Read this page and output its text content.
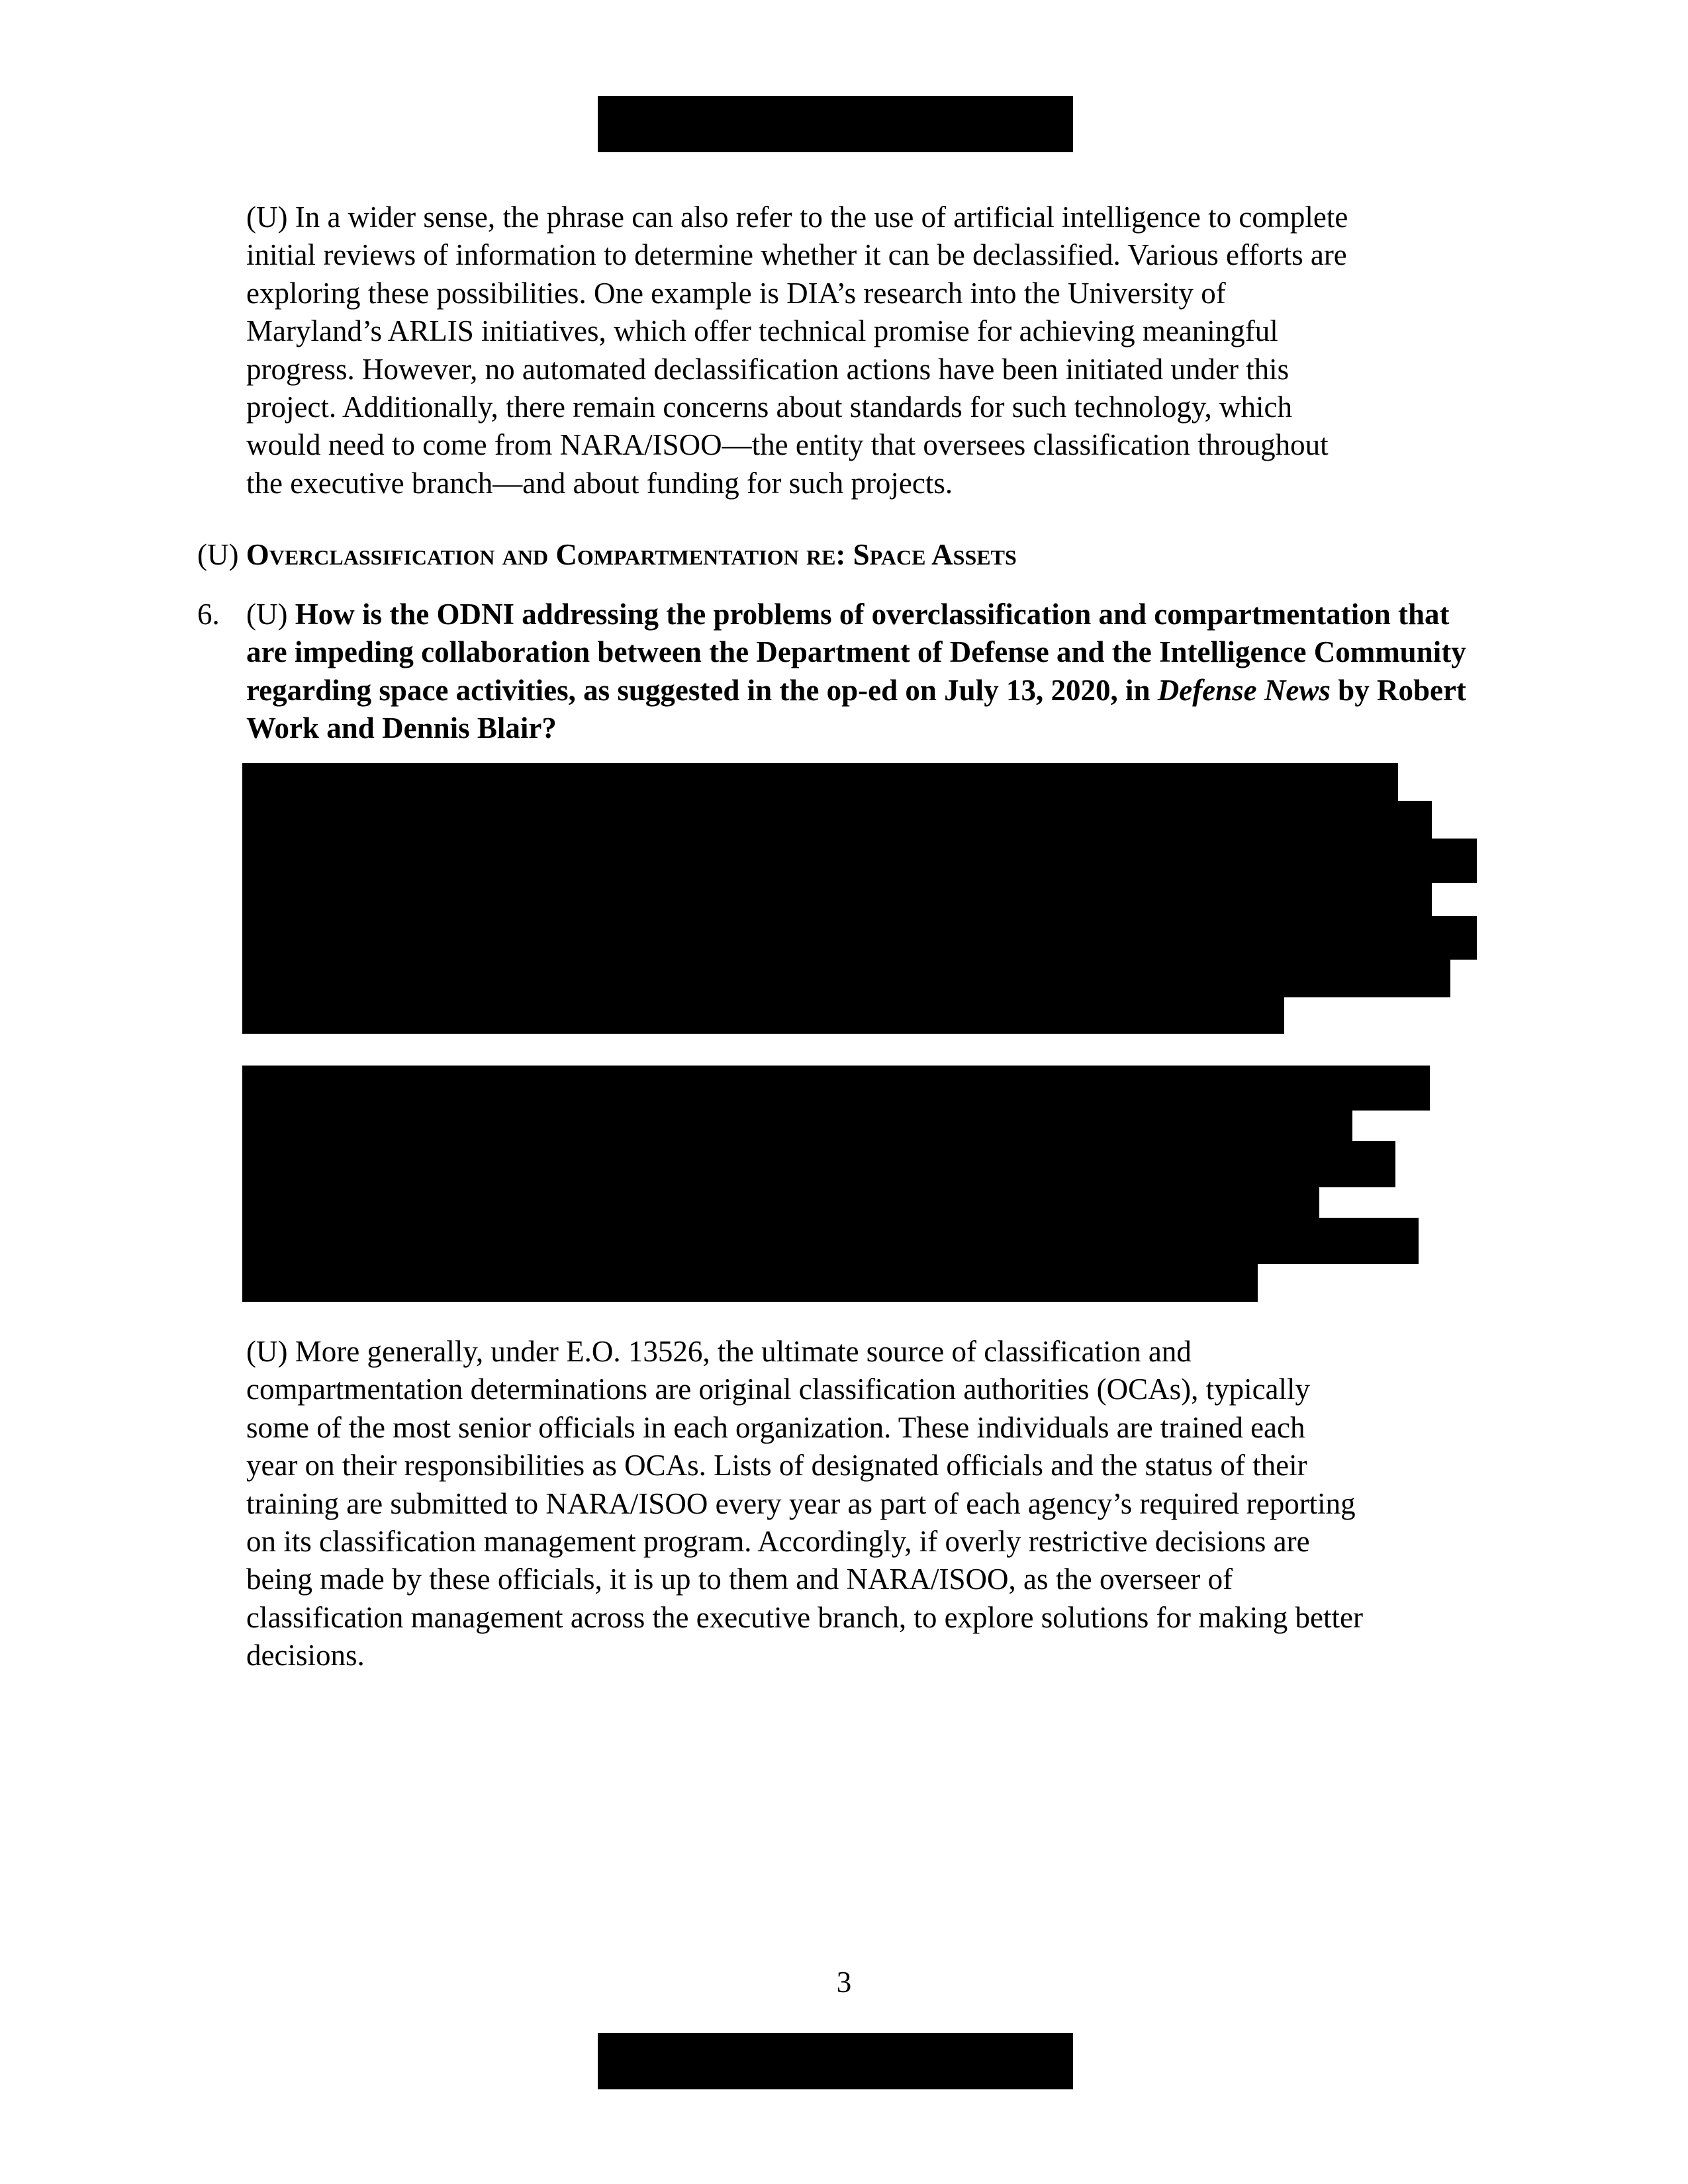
(U) In a wider sense, the phrase can also refer to the use of artificial intelligence to complete
initial reviews of information to determine whether it can be declassified. Various efforts are
exploring these possibilities. One example is DIA’s research into the University of
Maryland’s ARLIS initiatives, which offer technical promise for achieving meaningful
progress. However, no automated declassification actions have been initiated under this
project. Additionally, there remain concerns about standards for such technology, which
would need to come from NARA/ISOO—the entity that oversees classification throughout
the executive branch—and about funding for such projects.
(U) Overclassification and Compartmentation re: Space Assets
6. (U) How is the ODNI addressing the problems of overclassification and compartmentation that are impeding collaboration between the Department of Defense and the Intelligence Community regarding space activities, as suggested in the op-ed on July 13, 2020, in Defense News by Robert Work and Dennis Blair?
(U) More generally, under E.O. 13526, the ultimate source of classification and
compartmentation determinations are original classification authorities (OCAs), typically
some of the most senior officials in each organization. These individuals are trained each
year on their responsibilities as OCAs. Lists of designated officials and the status of their
training are submitted to NARA/ISOO every year as part of each agency’s required reporting
on its classification management program. Accordingly, if overly restrictive decisions are
being made by these officials, it is up to them and NARA/ISOO, as the overseer of
classification management across the executive branch, to explore solutions for making better
decisions.
3
